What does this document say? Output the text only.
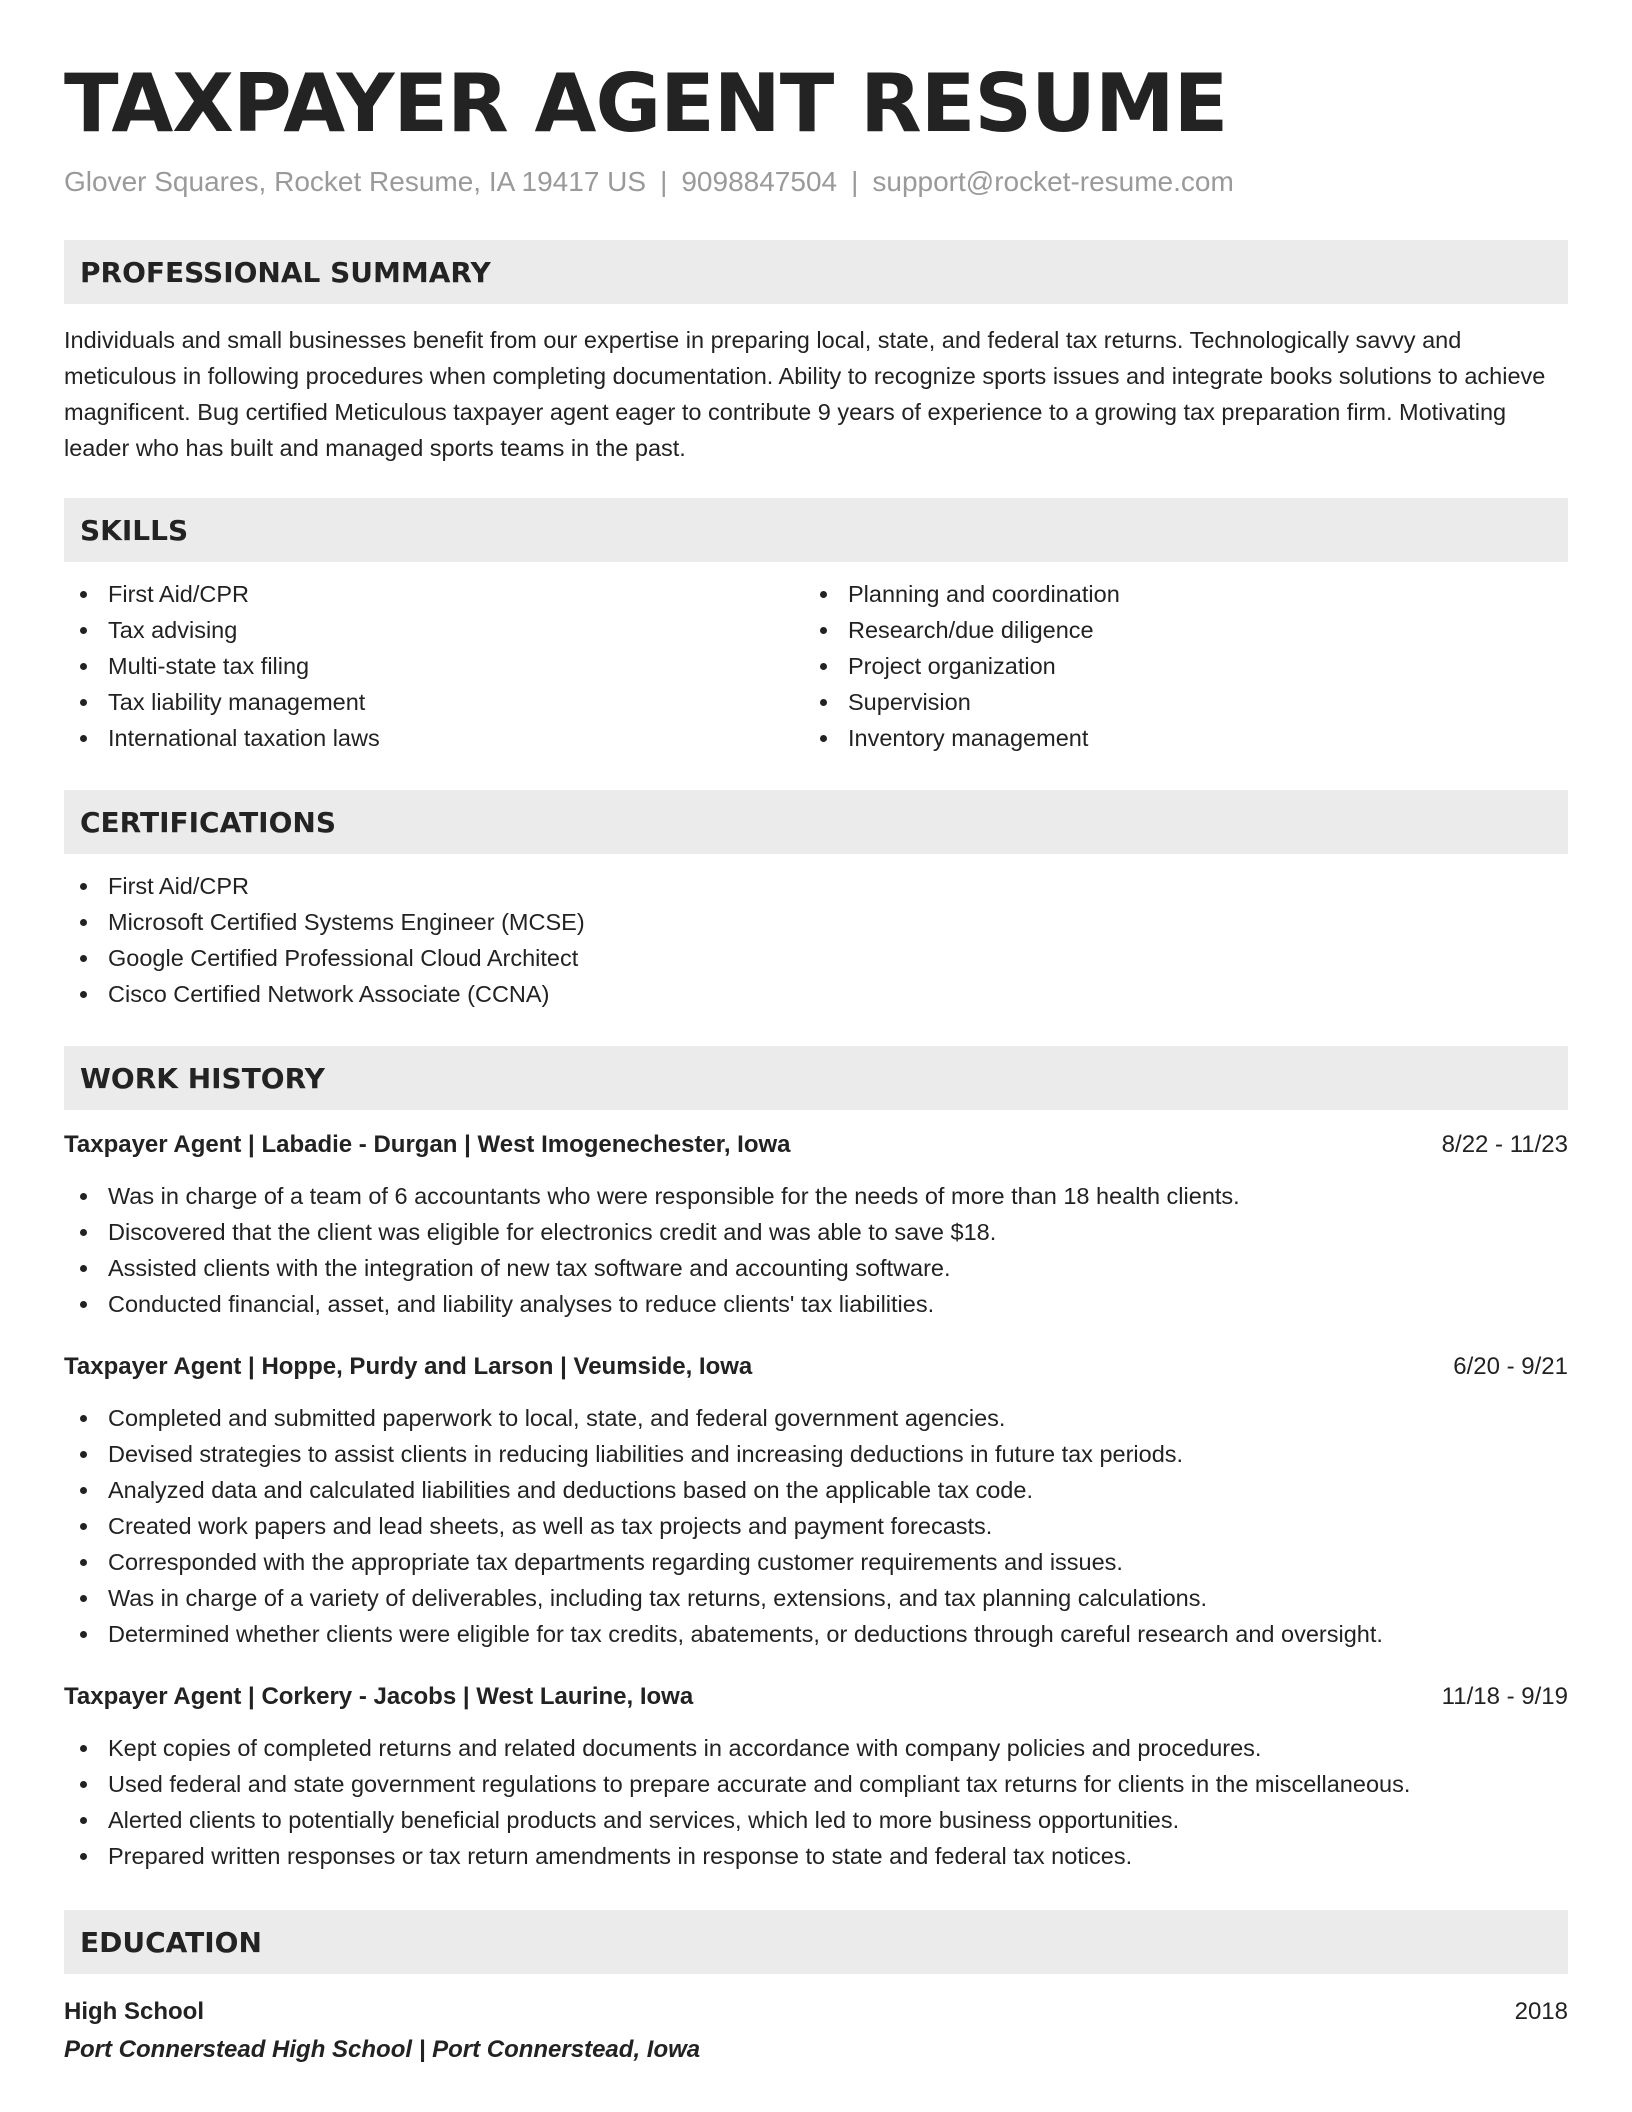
TAXPAYER AGENT RESUME
Glover Squares, Rocket Resume, IA 19417 US | 9098847504 | support@rocket-resume.com
PROFESSIONAL SUMMARY
Individuals and small businesses benefit from our expertise in preparing local, state, and federal tax returns. Technologically savvy and meticulous in following procedures when completing documentation. Ability to recognize sports issues and integrate books solutions to achieve magnificent. Bug certified Meticulous taxpayer agent eager to contribute 9 years of experience to a growing tax preparation firm. Motivating leader who has built and managed sports teams in the past.
SKILLS
First Aid/CPR
Tax advising
Multi-state tax filing
Tax liability management
International taxation laws
Planning and coordination
Research/due diligence
Project organization
Supervision
Inventory management
CERTIFICATIONS
First Aid/CPR
Microsoft Certified Systems Engineer (MCSE)
Google Certified Professional Cloud Architect
Cisco Certified Network Associate (CCNA)
WORK HISTORY
Taxpayer Agent | Labadie - Durgan | West Imogenechester, Iowa	8/22 - 11/23
Was in charge of a team of 6 accountants who were responsible for the needs of more than 18 health clients.
Discovered that the client was eligible for electronics credit and was able to save $18.
Assisted clients with the integration of new tax software and accounting software.
Conducted financial, asset, and liability analyses to reduce clients' tax liabilities.
Taxpayer Agent | Hoppe, Purdy and Larson | Veumside, Iowa	6/20 - 9/21
Completed and submitted paperwork to local, state, and federal government agencies.
Devised strategies to assist clients in reducing liabilities and increasing deductions in future tax periods.
Analyzed data and calculated liabilities and deductions based on the applicable tax code.
Created work papers and lead sheets, as well as tax projects and payment forecasts.
Corresponded with the appropriate tax departments regarding customer requirements and issues.
Was in charge of a variety of deliverables, including tax returns, extensions, and tax planning calculations.
Determined whether clients were eligible for tax credits, abatements, or deductions through careful research and oversight.
Taxpayer Agent | Corkery - Jacobs | West Laurine, Iowa	11/18 - 9/19
Kept copies of completed returns and related documents in accordance with company policies and procedures.
Used federal and state government regulations to prepare accurate and compliant tax returns for clients in the miscellaneous.
Alerted clients to potentially beneficial products and services, which led to more business opportunities.
Prepared written responses or tax return amendments in response to state and federal tax notices.
EDUCATION
High School	2018
Port Connerstead High School | Port Connerstead, Iowa
